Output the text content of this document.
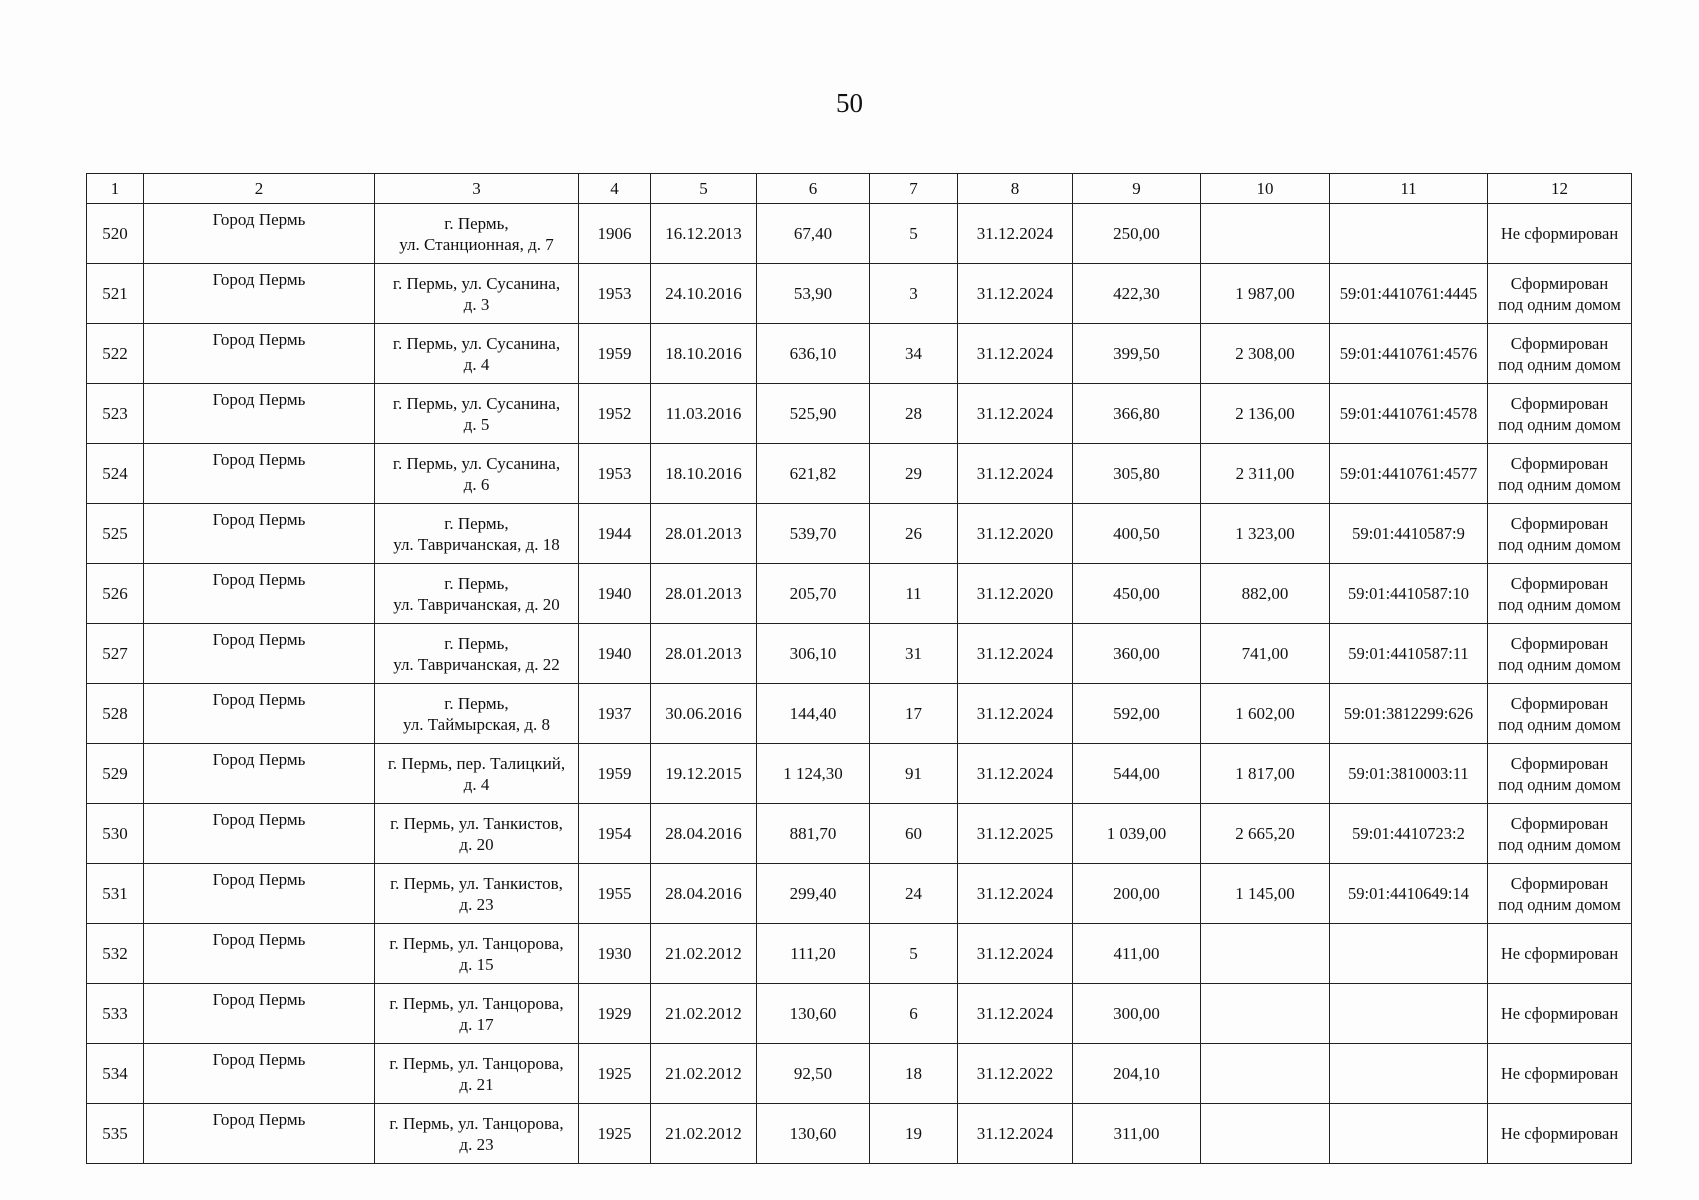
50
1	2	3	4	5	6	7	8	9	10	11	12
520	Город Пермь	г. Пермь,
ул. Станционная, д. 7	1906	16.12.2013	67,40	5	31.12.2024	250,00			Не сформирован

521	Город Пермь	г. Пермь, ул. Сусанина,
д. 3	1953	24.10.2016	53,90	3	31.12.2024	422,30	1 987,00	59:01:4410761:4445	Сформирован
под одним домом

522	Город Пермь	г. Пермь, ул. Сусанина,
д. 4	1959	18.10.2016	636,10	34	31.12.2024	399,50	2 308,00	59:01:4410761:4576	Сформирован
под одним домом

523	Город Пермь	г. Пермь, ул. Сусанина,
д. 5	1952	11.03.2016	525,90	28	31.12.2024	366,80	2 136,00	59:01:4410761:4578	Сформирован
под одним домом

524	Город Пермь	г. Пермь, ул. Сусанина,
д. 6	1953	18.10.2016	621,82	29	31.12.2024	305,80	2 311,00	59:01:4410761:4577	Сформирован
под одним домом

525	Город Пермь	г. Пермь,
ул. Тавричанская, д. 18	1944	28.01.2013	539,70	26	31.12.2020	400,50	1 323,00	59:01:4410587:9	Сформирован
под одним домом

526	Город Пермь	г. Пермь,
ул. Тавричанская, д. 20	1940	28.01.2013	205,70	11	31.12.2020	450,00	882,00	59:01:4410587:10	Сформирован
под одним домом

527	Город Пермь	г. Пермь,
ул. Тавричанская, д. 22	1940	28.01.2013	306,10	31	31.12.2024	360,00	741,00	59:01:4410587:11	Сформирован
под одним домом

528	Город Пермь	г. Пермь,
ул. Таймырская, д. 8	1937	30.06.2016	144,40	17	31.12.2024	592,00	1 602,00	59:01:3812299:626	Сформирован
под одним домом

529	Город Пермь	г. Пермь, пер. Талицкий,
д. 4	1959	19.12.2015	1 124,30	91	31.12.2024	544,00	1 817,00	59:01:3810003:11	Сформирован
под одним домом

530	Город Пермь	г. Пермь, ул. Танкистов,
д. 20	1954	28.04.2016	881,70	60	31.12.2025	1 039,00	2 665,20	59:01:4410723:2	Сформирован
под одним домом

531	Город Пермь	г. Пермь, ул. Танкистов,
д. 23	1955	28.04.2016	299,40	24	31.12.2024	200,00	1 145,00	59:01:4410649:14	Сформирован
под одним домом

532	Город Пермь	г. Пермь, ул. Танцорова,
д. 15	1930	21.02.2012	111,20	5	31.12.2024	411,00			Не сформирован

533	Город Пермь	г. Пермь, ул. Танцорова,
д. 17	1929	21.02.2012	130,60	6	31.12.2024	300,00			Не сформирован

534	Город Пермь	г. Пермь, ул. Танцорова,
д. 21	1925	21.02.2012	92,50	18	31.12.2022	204,10			Не сформирован

535	Город Пермь	г. Пермь, ул. Танцорова,
д. 23	1925	21.02.2012	130,60	19	31.12.2024	311,00			Не сформирован
